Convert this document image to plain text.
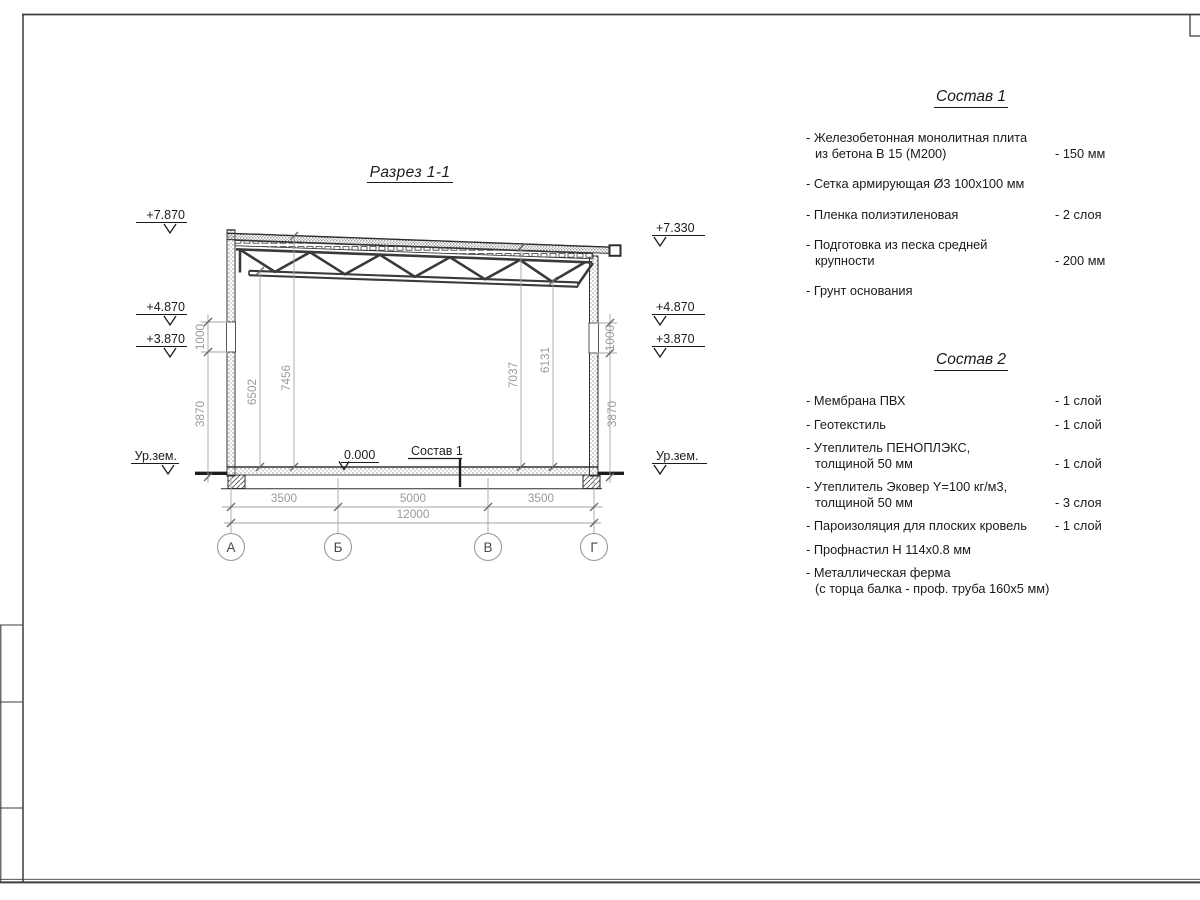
Разрез 1-1
6502
7456	7037
6131
1000
3870
1000
3870
3500	5000	3500
12000
А	Б	В	Г
+7.870
+4.870
+3.870
Ур.зем.
+7.330
+4.870
+3.870
Ур.зем.
0.000	Состав 1
Состав 1
- Железобетонная монолитная плита
из бетона В 15 (М200)	- 150 мм
- Сетка армирующая Ø3 100x100 мм
- Пленка полиэтиленовая	- 2 слоя
- Подготовка из песка средней
крупности	- 200 мм
- Грунт основания
Состав 2
- Мембрана ПВХ	- 1 слой
- Геотекстиль	- 1 слой
- Утеплитель ПЕНОПЛЭКС,
толщиной 50 мм	- 1 слой
- Утеплитель Эковер Y=100 кг/м3,
толщиной 50 мм	- 3 слоя
- Пароизоляция для плоских кровель	- 1 слой
- Профнастил Н 114x0.8 мм
- Металлическая ферма
(с торца балка - проф. труба 160x5 мм)
